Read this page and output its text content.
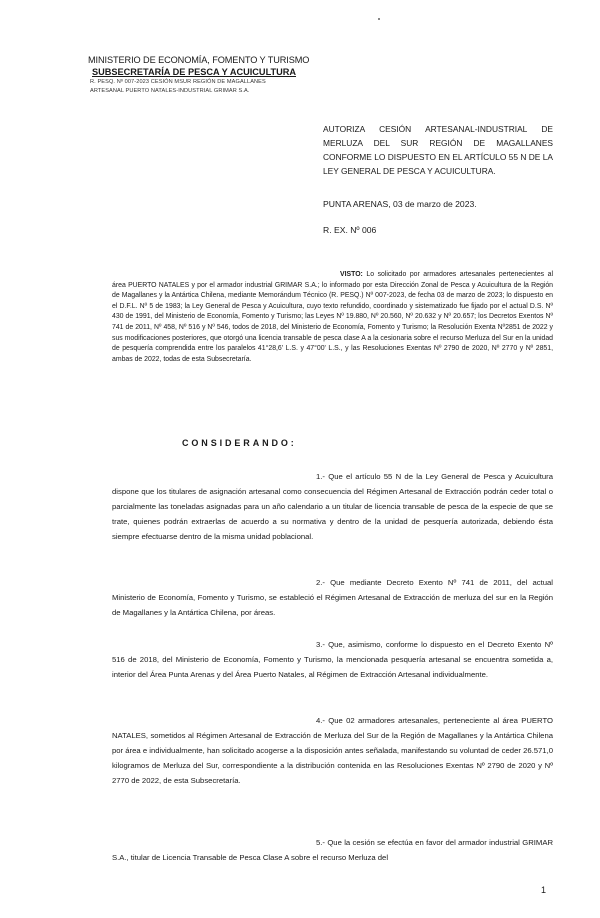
MINISTERIO DE ECONOMÍA, FOMENTO Y TURISMO
SUBSECRETARÍA DE PESCA Y ACUICULTURA
R. PESQ. Nº 007-2023 CESIÓN MSUR REGIÓN DE MAGALLANES
ARTESANAL PUERTO NATALES-INDUSTRIAL GRIMAR S.A.
AUTORIZA CESIÓN ARTESANAL-INDUSTRIAL DE MERLUZA DEL SUR REGIÓN DE MAGALLANES CONFORME LO DISPUESTO EN EL ARTÍCULO 55 N DE LA LEY GENERAL DE PESCA Y ACUICULTURA.
PUNTA ARENAS, 03 de marzo de 2023.
R. EX. Nº 006
VISTO: Lo solicitado por armadores artesanales pertenecientes al área PUERTO NATALES y por el armador industrial GRIMAR S.A.; lo informado por esta Dirección Zonal de Pesca y Acuicultura de la Región de Magallanes y la Antártica Chilena, mediante Memorándum Técnico (R. PESQ.) Nº 007-2023, de fecha 03 de marzo de 2023; lo dispuesto en el D.F.L. Nº 5 de 1983; la Ley General de Pesca y Acuicultura, cuyo texto refundido, coordinado y sistematizado fue fijado por el actual D.S. Nº 430 de 1991, del Ministerio de Economía, Fomento y Turismo; las Leyes Nº 19.880, Nº 20.560, Nº 20.632 y Nº 20.657; los Decretos Exentos Nº 741 de 2011, Nº 458, Nº 516 y Nº 546, todos de 2018, del Ministerio de Economía, Fomento y Turismo; la Resolución Exenta Nº2851 de 2022 y sus modificaciones posteriores, que otorgó una licencia transable de pesca clase A a la cesionaria sobre el recurso Merluza del Sur en la unidad de pesquería comprendida entre los paralelos 41°28,6' L.S. y 47°00' L.S., y las Resoluciones Exentas Nº 2790 de 2020, Nº 2770 y Nº 2851, ambas de 2022, todas de esta Subsecretaría.
CONSIDERANDO:
1.- Que el artículo 55 N de la Ley General de Pesca y Acuicultura dispone que los titulares de asignación artesanal como consecuencia del Régimen Artesanal de Extracción podrán ceder total o parcialmente las toneladas asignadas para un año calendario a un titular de licencia transable de pesca de la especie de que se trate, quienes podrán extraerlas de acuerdo a su normativa y dentro de la unidad de pesquería autorizada, debiendo ésta siempre efectuarse dentro de la misma unidad poblacional.
2.- Que mediante Decreto Exento Nº 741 de 2011, del actual Ministerio de Economía, Fomento y Turismo, se estableció el Régimen Artesanal de Extracción de merluza del sur en la Región de Magallanes y la Antártica Chilena, por áreas.
3.- Que, asimismo, conforme lo dispuesto en el Decreto Exento Nº 516 de 2018, del Ministerio de Economía, Fomento y Turismo, la mencionada pesquería artesanal se encuentra sometida a, interior del Área Punta Arenas y del Área Puerto Natales, al Régimen de Extracción Artesanal individualmente.
4.- Que 02 armadores artesanales, perteneciente al área PUERTO NATALES, sometidos al Régimen Artesanal de Extracción de Merluza del Sur de la Región de Magallanes y la Antártica Chilena por área e individualmente, han solicitado acogerse a la disposición antes señalada, manifestando su voluntad de ceder 26.571,0 kilogramos de Merluza del Sur, correspondiente a la distribución contenida en las Resoluciones Exentas Nº 2790 de 2020 y Nº 2770 de 2022, de esta Subsecretaría.
5.- Que la cesión se efectúa en favor del armador industrial GRIMAR S.A., titular de Licencia Transable de Pesca Clase A sobre el recurso Merluza del
1
